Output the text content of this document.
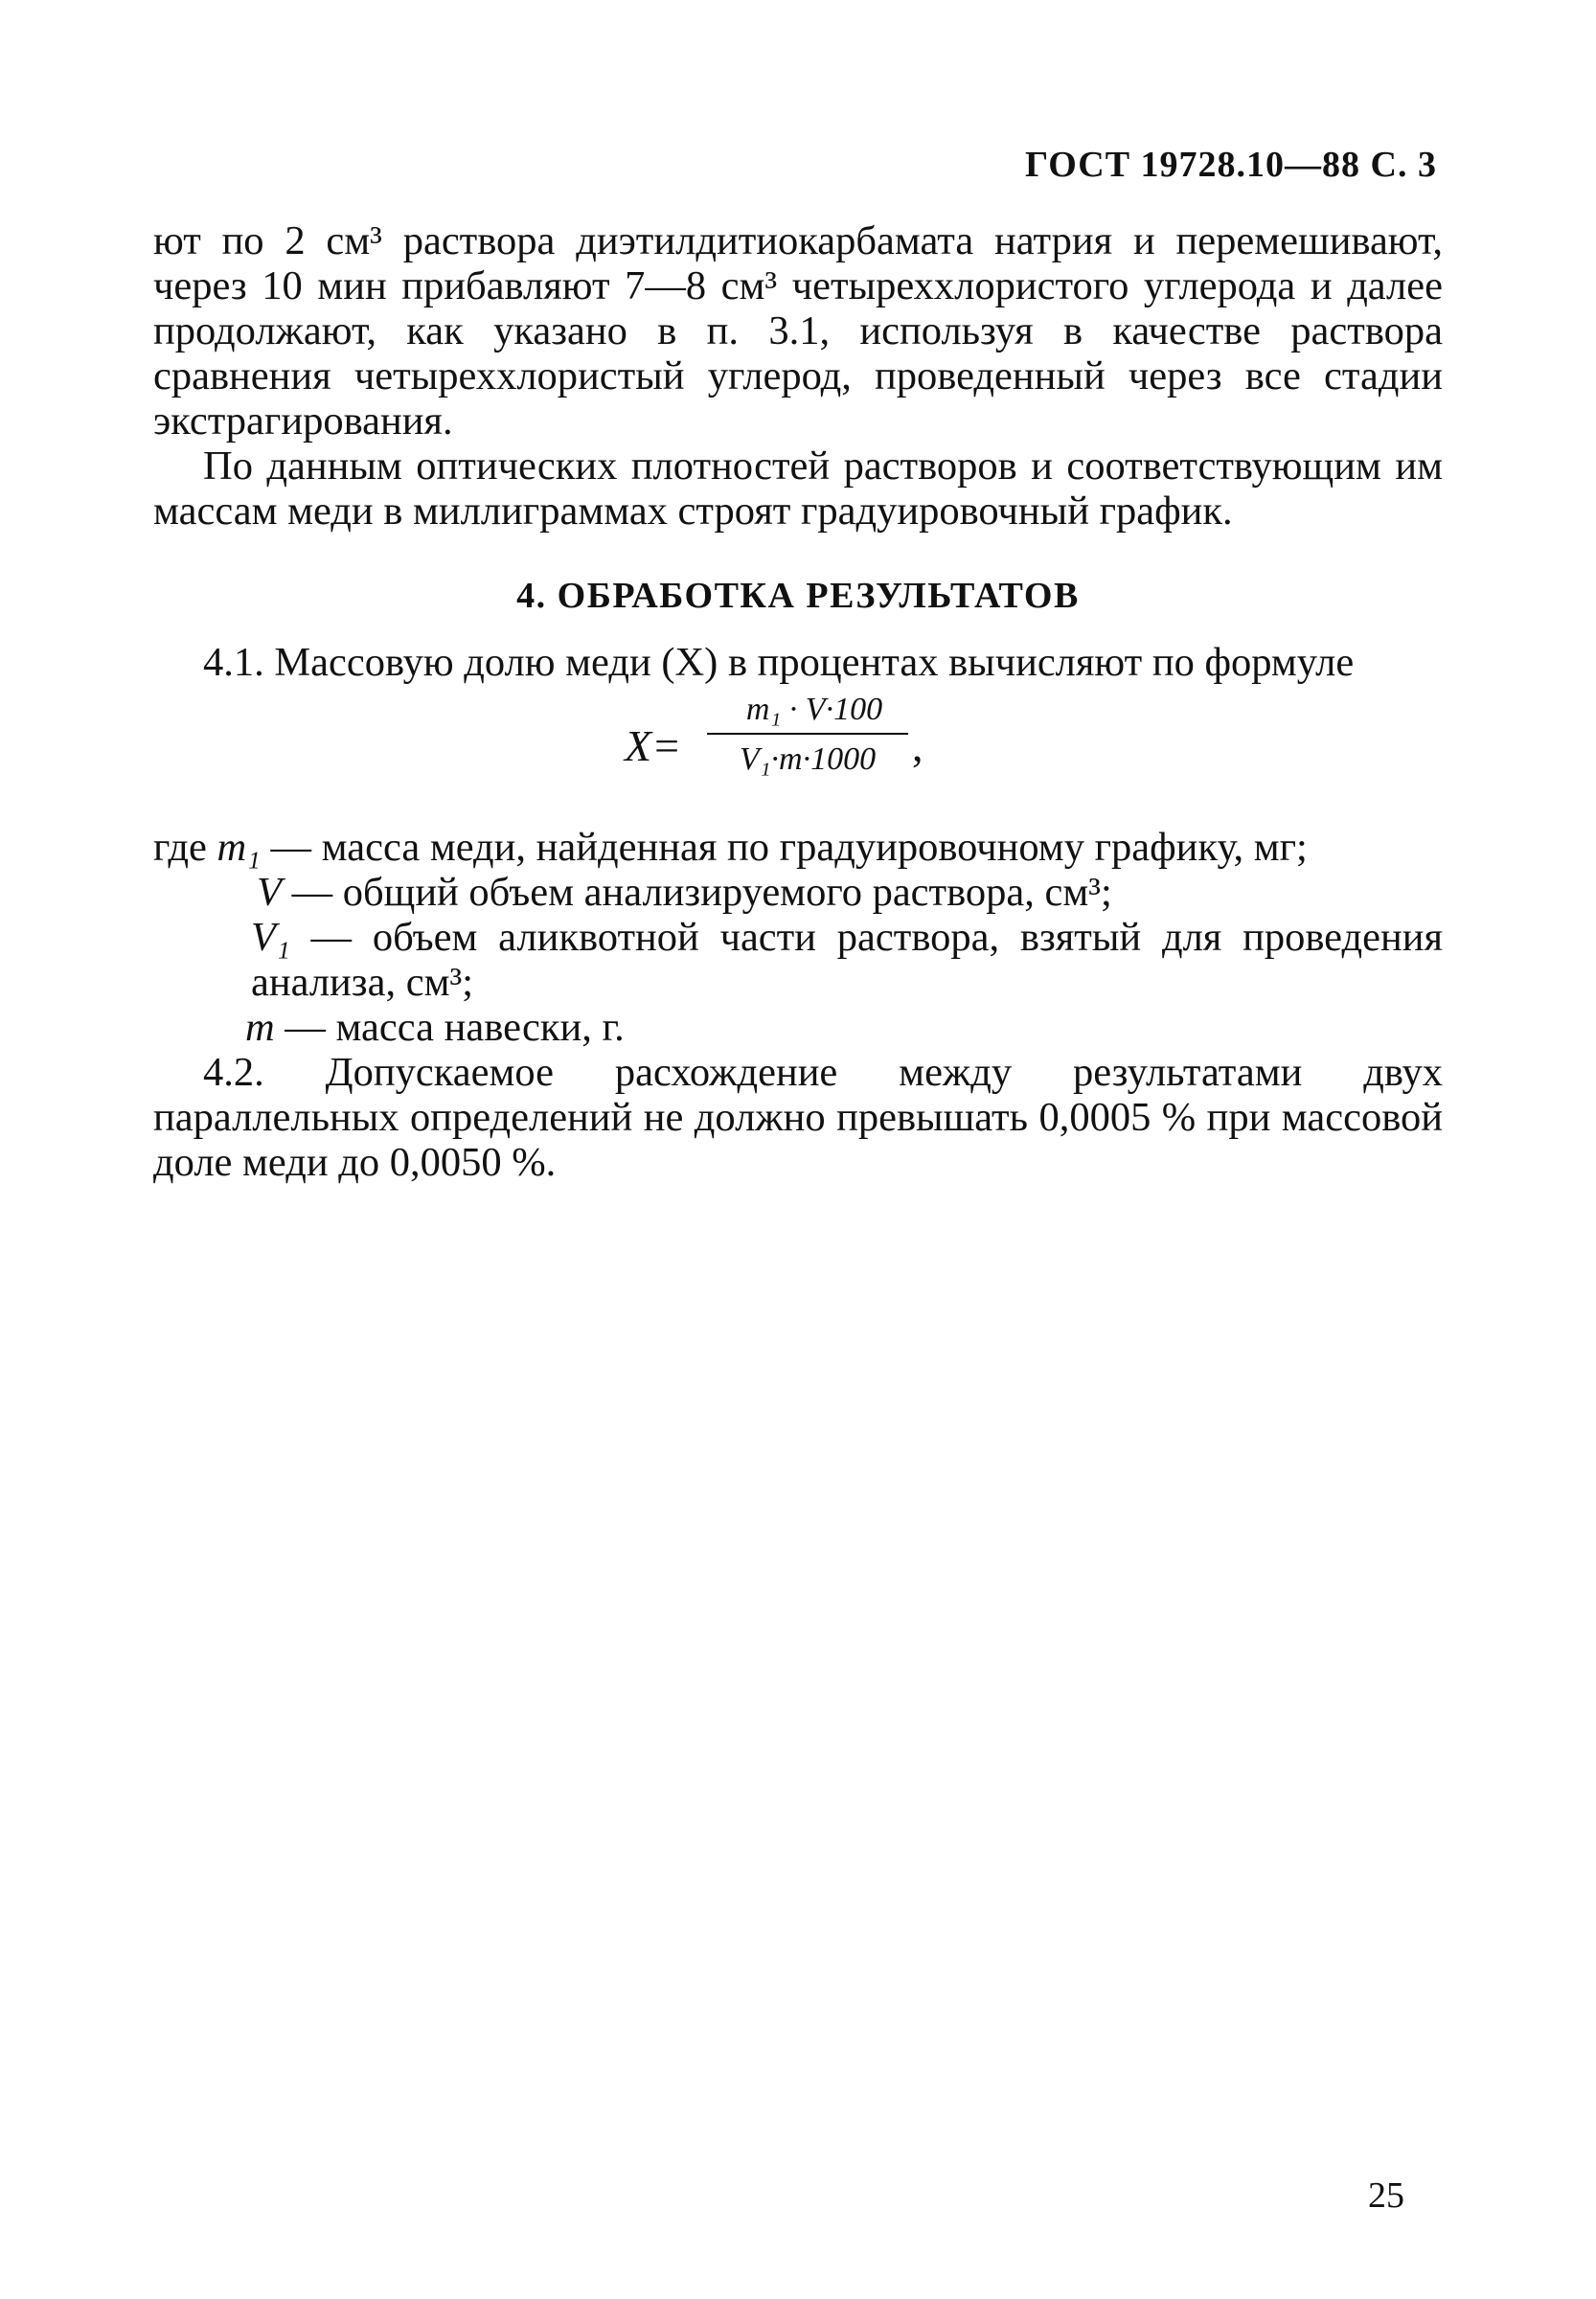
ГОСТ 19728.10—88 С. 3

ют по 2 см³ раствора диэтилдитиокарбамата натрия и перемешивают, через 10 мин прибавляют 7—8 см³ четыреххлористого углерода и далее продолжают, как указано в п. 3.1, используя в качестве раствора сравнения четыреххлористый углерод, проведенный через все стадии экстрагирования.

По данным оптических плотностей растворов и соответствующим им массам меди в миллиграммах строят градуировочный график.

4. ОБРАБОТКА РЕЗУЛЬТАТОВ

4.1. Массовую долю меди (X) в процентах вычисляют по формуле

X=
m₁ · V·100
V₁·m·1000 ,
где m₁ — масса меди, найденная по градуировочному графику, мг;
V — общий объем анализируемого раствора, см³;
V₁ — объем аликвотной части раствора, взятый для проведения анализа, см³;
m — масса навески, г.

4.2. Допускаемое расхождение между результатами двух параллельных определений не должно превышать 0,0005 % при массовой доле меди до 0,0050 %.

25
